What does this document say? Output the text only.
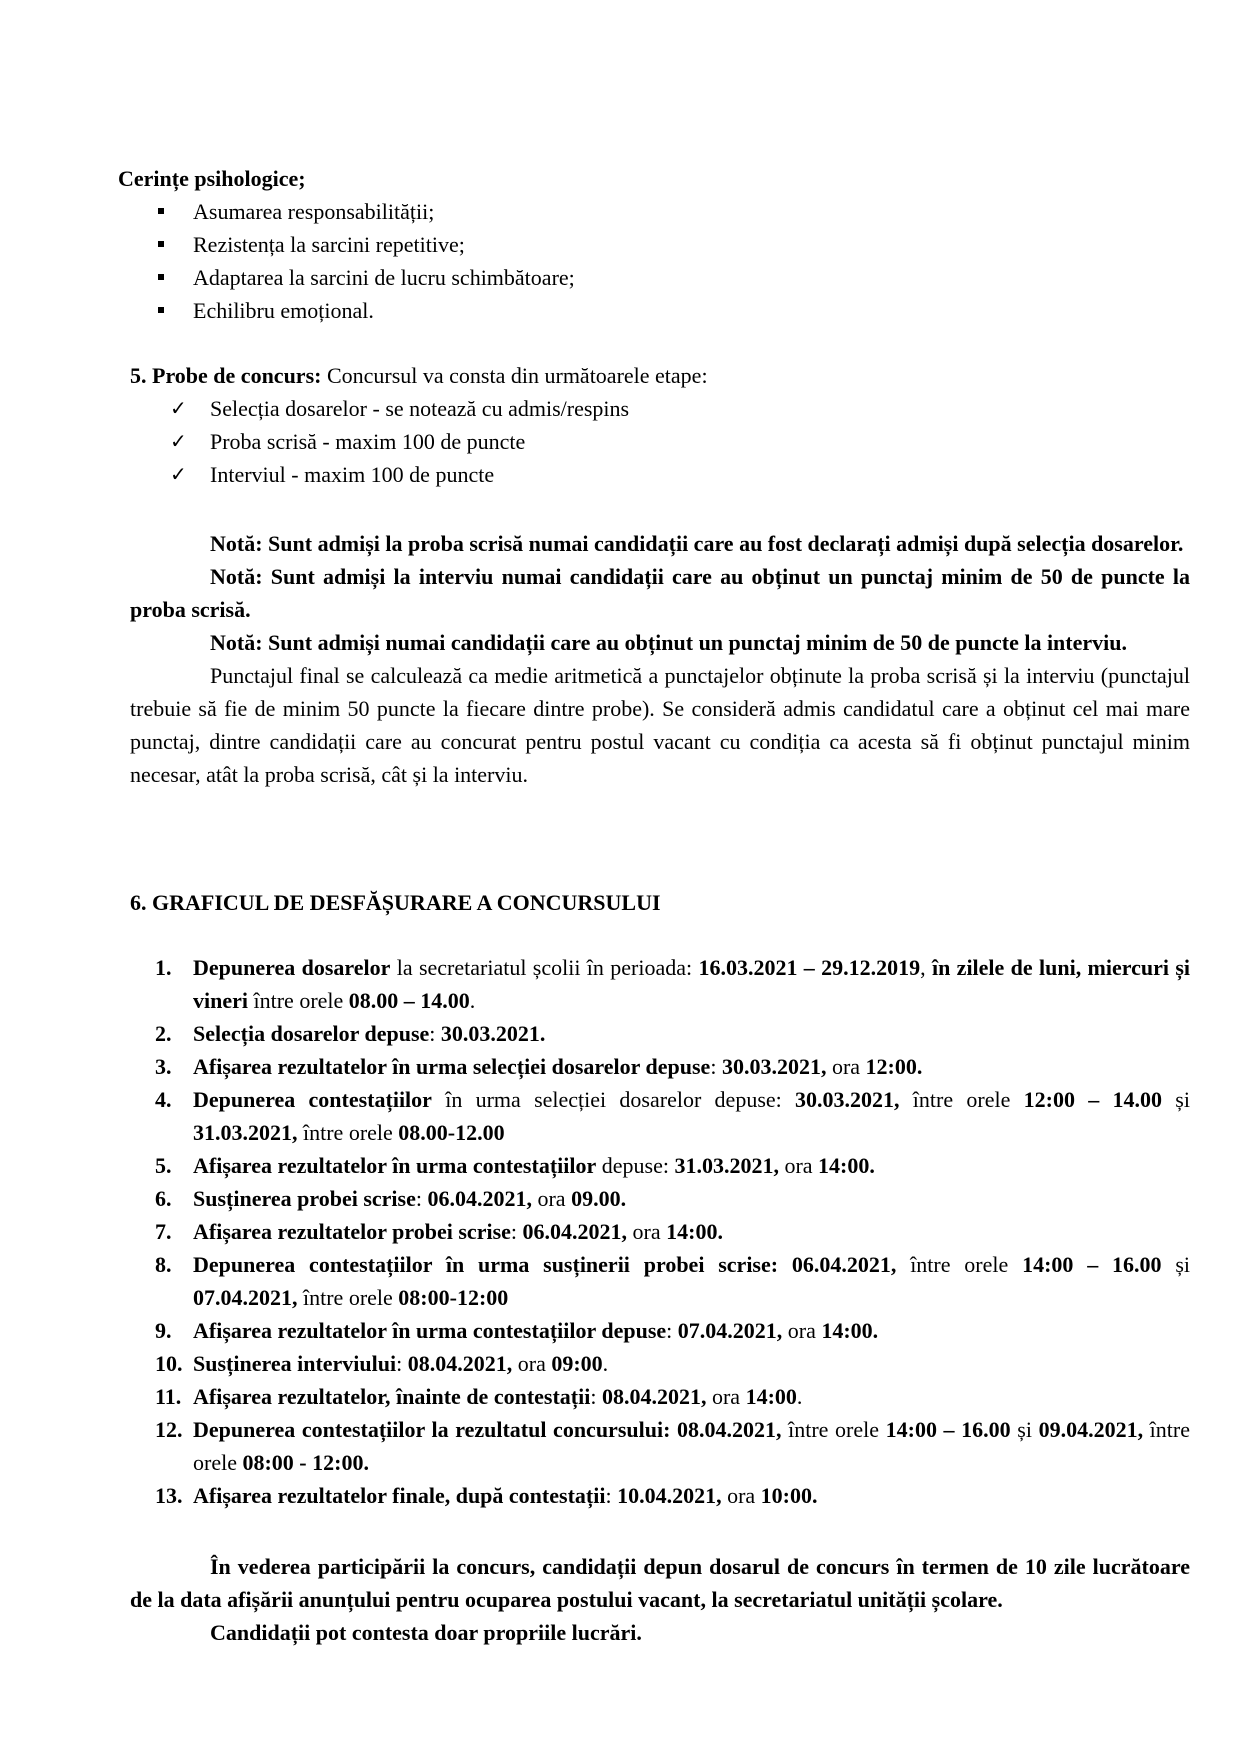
Cerințe psihologice;
Asumarea responsabilității;
Rezistența la sarcini repetitive;
Adaptarea la sarcini de lucru schimbătoare;
Echilibru emoțional.
5. Probe de concurs: Concursul va consta din următoarele etape:
✓ Selecția dosarelor - se notează cu admis/respins
✓ Proba scrisă - maxim 100 de puncte
✓ Interviul - maxim 100 de puncte

Notă: Sunt admiși la proba scrisă numai candidații care au fost declarați admiși după selecția dosarelor.

Notă: Sunt admiși la interviu numai candidații care au obținut un punctaj minim de 50 de puncte la proba scrisă.

Notă: Sunt admiși numai candidații care au obținut un punctaj minim de 50 de puncte la interviu.

Punctajul final se calculează ca medie aritmetică a punctajelor obținute la proba scrisă și la interviu (punctajul trebuie să fie de minim 50 puncte la fiecare dintre probe). Se consideră admis candidatul care a obținut cel mai mare punctaj, dintre candidații care au concurat pentru postul vacant cu condiția ca acesta să fi obținut punctajul minim necesar, atât la proba scrisă, cât și la interviu.

6. GRAFICUL DE DESFĂȘURARE A CONCURSULUI
1. Depunerea dosarelor la secretariatul școlii în perioada: 16.03.2021 – 29.12.2019, în zilele de luni, miercuri și vineri între orele 08.00 – 14.00.
2. Selecția dosarelor depuse: 30.03.2021.
3. Afișarea rezultatelor în urma selecției dosarelor depuse: 30.03.2021, ora 12:00.
4. Depunerea contestațiilor în urma selecției dosarelor depuse: 30.03.2021, între orele 12:00 – 14.00 și 31.03.2021, între orele 08.00-12.00
5. Afișarea rezultatelor în urma contestațiilor depuse: 31.03.2021, ora 14:00.
6. Susținerea probei scrise: 06.04.2021, ora 09.00.
7. Afișarea rezultatelor probei scrise: 06.04.2021, ora 14:00.
8. Depunerea contestațiilor în urma susținerii probei scrise: 06.04.2021, între orele 14:00 – 16.00 și 07.04.2021, între orele 08:00-12:00
9. Afișarea rezultatelor în urma contestațiilor depuse: 07.04.2021, ora 14:00.
10. Susținerea interviului: 08.04.2021, ora 09:00.
11. Afișarea rezultatelor, înainte de contestații: 08.04.2021, ora 14:00.
12. Depunerea contestațiilor la rezultatul concursului: 08.04.2021, între orele 14:00 – 16.00 și 09.04.2021, între orele 08:00 - 12:00.
13. Afișarea rezultatelor finale, după contestații: 10.04.2021, ora 10:00.

În vederea participării la concurs, candidații depun dosarul de concurs în termen de 10 zile lucrătoare de la data afișării anunțului pentru ocuparea postului vacant, la secretariatul unității școlare.

Candidații pot contesta doar propriile lucrări.
